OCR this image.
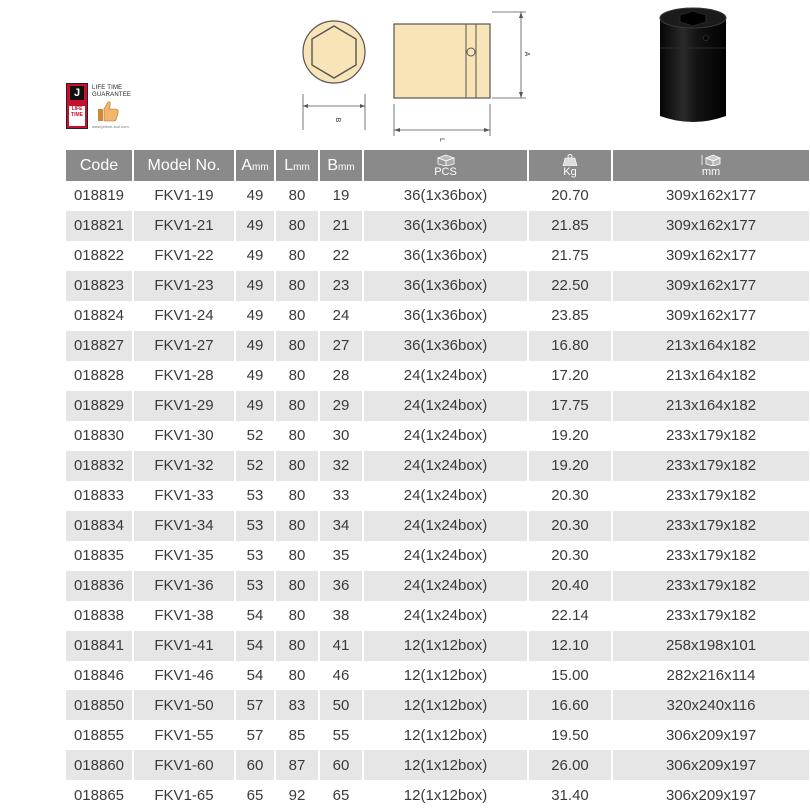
B
A
L
J
LIFE TIME
LIFE TIME
GUARANTEE
www.jetech-tool.com
Code	Model No.	Amm	Lmm	Bmm	PCS	Kg	mm

018819	FKV1-19	49	80	19	36(1x36box)	20.70	309x162x177
018821	FKV1-21	49	80	21	36(1x36box)	21.85	309x162x177
018822	FKV1-22	49	80	22	36(1x36box)	21.75	309x162x177
018823	FKV1-23	49	80	23	36(1x36box)	22.50	309x162x177
018824	FKV1-24	49	80	24	36(1x36box)	23.85	309x162x177
018827	FKV1-27	49	80	27	36(1x36box)	16.80	213x164x182
018828	FKV1-28	49	80	28	24(1x24box)	17.20	213x164x182
018829	FKV1-29	49	80	29	24(1x24box)	17.75	213x164x182
018830	FKV1-30	52	80	30	24(1x24box)	19.20	233x179x182
018832	FKV1-32	52	80	32	24(1x24box)	19.20	233x179x182
018833	FKV1-33	53	80	33	24(1x24box)	20.30	233x179x182
018834	FKV1-34	53	80	34	24(1x24box)	20.30	233x179x182
018835	FKV1-35	53	80	35	24(1x24box)	20.30	233x179x182
018836	FKV1-36	53	80	36	24(1x24box)	20.40	233x179x182
018838	FKV1-38	54	80	38	24(1x24box)	22.14	233x179x182
018841	FKV1-41	54	80	41	12(1x12box)	12.10	258x198x101
018846	FKV1-46	54	80	46	12(1x12box)	15.00	282x216x114
018850	FKV1-50	57	83	50	12(1x12box)	16.60	320x240x116
018855	FKV1-55	57	85	55	12(1x12box)	19.50	306x209x197
018860	FKV1-60	60	87	60	12(1x12box)	26.00	306x209x197
018865	FKV1-65	65	92	65	12(1x12box)	31.40	306x209x197
